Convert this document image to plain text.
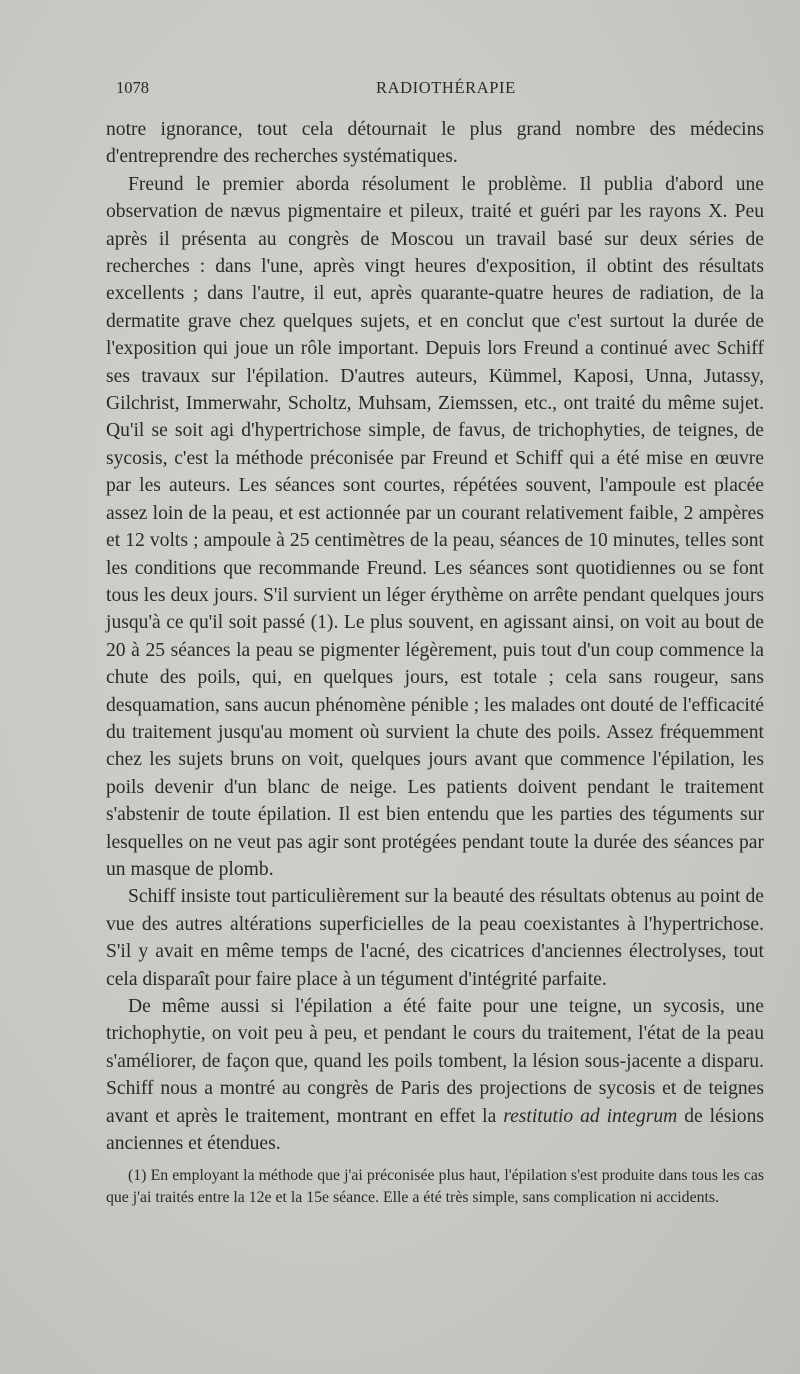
1078	RADIOTHÉRAPIE

notre ignorance, tout cela détournait le plus grand nombre des médecins d'entreprendre des recherches systématiques.

Freund le premier aborda résolument le problème. Il publia d'abord une observation de nævus pigmentaire et pileux, traité et guéri par les rayons X. Peu après il présenta au congrès de Moscou un travail basé sur deux séries de recherches : dans l'une, après vingt heures d'exposition, il obtint des résultats excellents ; dans l'autre, il eut, après quarante-quatre heures de radiation, de la dermatite grave chez quelques sujets, et en conclut que c'est surtout la durée de l'exposition qui joue un rôle important. Depuis lors Freund a continué avec Schiff ses travaux sur l'épilation. D'autres auteurs, Kümmel, Kaposi, Unna, Jutassy, Gilchrist, Immerwahr, Scholtz, Muhsam, Ziemssen, etc., ont traité du même sujet. Qu'il se soit agi d'hypertrichose simple, de favus, de trichophyties, de teignes, de sycosis, c'est la méthode préconisée par Freund et Schiff qui a été mise en œuvre par les auteurs. Les séances sont courtes, répétées souvent, l'ampoule est placée assez loin de la peau, et est actionnée par un courant relativement faible, 2 ampères et 12 volts ; ampoule à 25 centimètres de la peau, séances de 10 minutes, telles sont les conditions que recommande Freund. Les séances sont quotidiennes ou se font tous les deux jours. S'il survient un léger érythème on arrête pendant quelques jours jusqu'à ce qu'il soit passé (1). Le plus souvent, en agissant ainsi, on voit au bout de 20 à 25 séances la peau se pigmenter légèrement, puis tout d'un coup commence la chute des poils, qui, en quelques jours, est totale ; cela sans rougeur, sans desquamation, sans aucun phénomène pénible ; les malades ont douté de l'efficacité du traitement jusqu'au moment où survient la chute des poils. Assez fréquemment chez les sujets bruns on voit, quelques jours avant que commence l'épilation, les poils devenir d'un blanc de neige. Les patients doivent pendant le traitement s'abstenir de toute épilation. Il est bien entendu que les parties des téguments sur lesquelles on ne veut pas agir sont protégées pendant toute la durée des séances par un masque de plomb.

Schiff insiste tout particulièrement sur la beauté des résultats obtenus au point de vue des autres altérations superficielles de la peau coexistantes à l'hypertrichose. S'il y avait en même temps de l'acné, des cicatrices d'anciennes électrolyses, tout cela disparaît pour faire place à un tégument d'intégrité parfaite.

De même aussi si l'épilation a été faite pour une teigne, un sycosis, une trichophytie, on voit peu à peu, et pendant le cours du traitement, l'état de la peau s'améliorer, de façon que, quand les poils tombent, la lésion sous-jacente a disparu. Schiff nous a montré au congrès de Paris des projections de sycosis et de teignes avant et après le traitement, montrant en effet la restitutio ad integrum de lésions anciennes et étendues.

(1) En employant la méthode que j'ai préconisée plus haut, l'épilation s'est produite dans tous les cas que j'ai traités entre la 12e et la 15e séance. Elle a été très simple, sans complication ni accidents.
